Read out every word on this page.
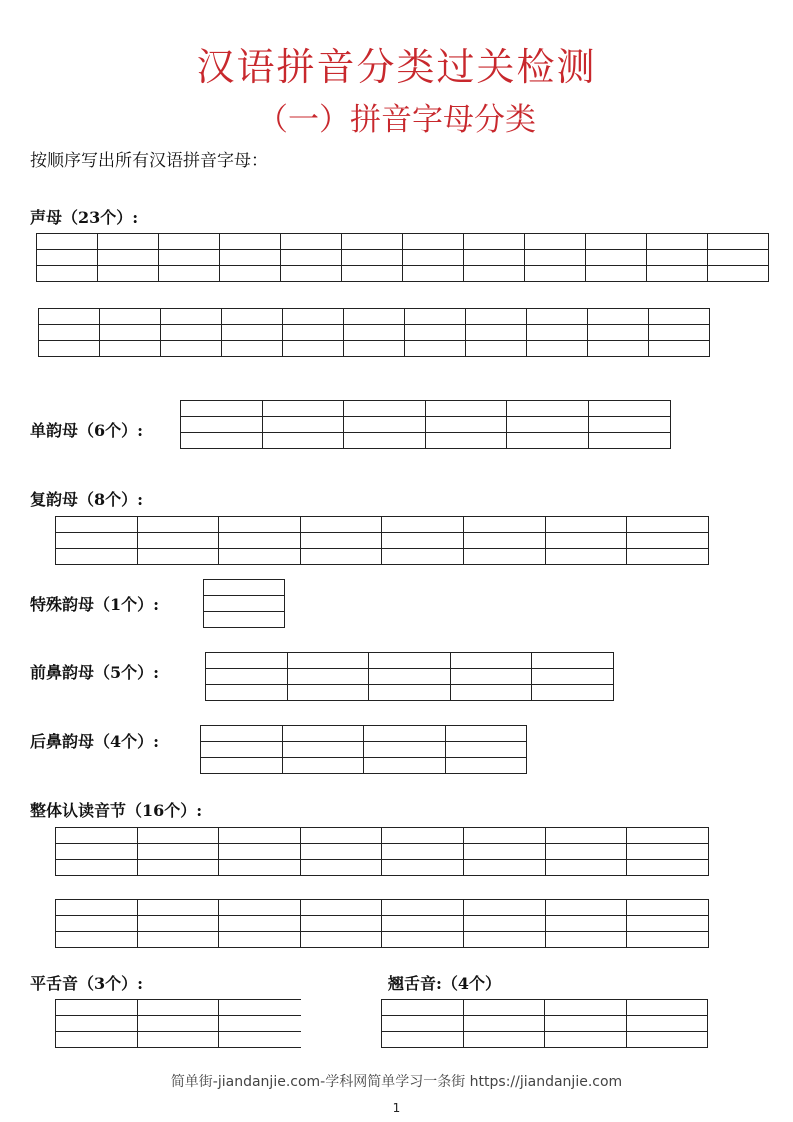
汉语拼音分类过关检测
（一）拼音字母分类
按顺序写出所有汉语拼音字母：
声母（23个）:
单韵母（6个）:
复韵母（8个）:
特殊韵母（1个）:
前鼻韵母（5个）:
后鼻韵母（4个）:
整体认读音节（16个）:
平舌音（3个）:	翘舌音:（4个）
简单街-jiandanjie.com-学科网简单学习一条街 https://jiandanjie.com
1
